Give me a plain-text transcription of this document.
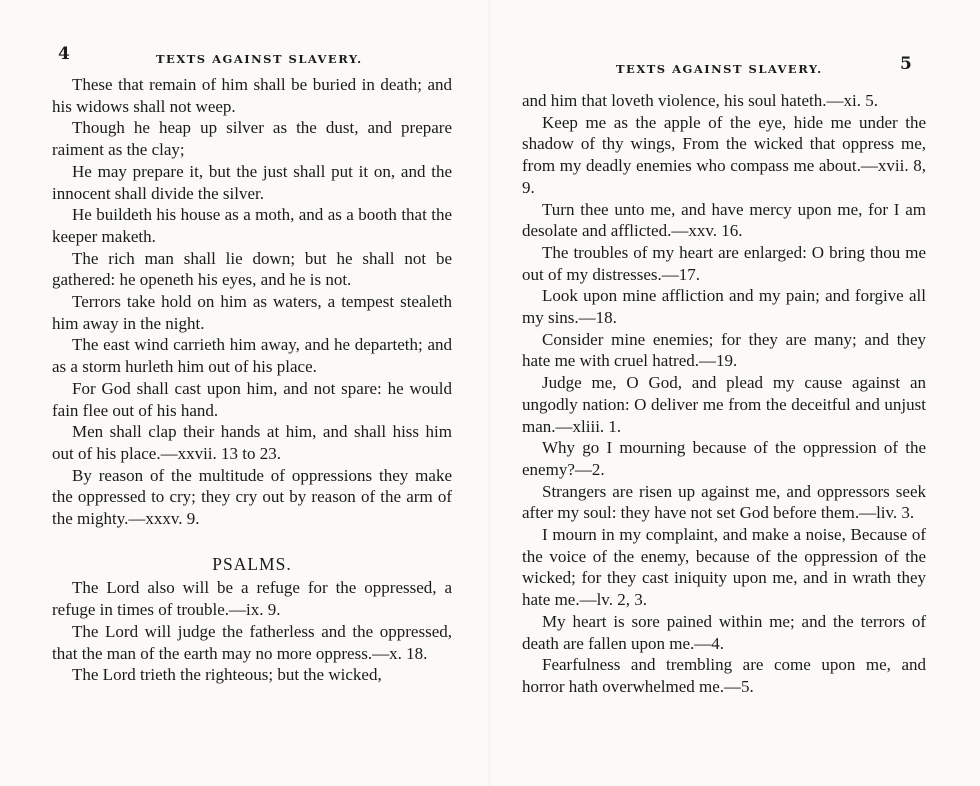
4	TEXTS AGAINST SLAVERY.

These that remain of him shall be buried in death; and his widows shall not weep.

Though he heap up silver as the dust, and prepare raiment as the clay;

He may prepare it, but the just shall put it on, and the innocent shall divide the silver.

He buildeth his house as a moth, and as a booth that the keeper maketh.

The rich man shall lie down; but he shall not be gathered: he openeth his eyes, and he is not.

Terrors take hold on him as waters, a tempest stealeth him away in the night.

The east wind carrieth him away, and he departeth; and as a storm hurleth him out of his place.

For God shall cast upon him, and not spare: he would fain flee out of his hand.

Men shall clap their hands at him, and shall hiss him out of his place.—xxvii. 13 to 23.

By reason of the multitude of oppressions they make the oppressed to cry; they cry out by reason of the arm of the mighty.—xxxv. 9.

PSALMS.

The Lord also will be a refuge for the oppressed, a refuge in times of trouble.—ix. 9.

The Lord will judge the fatherless and the oppressed, that the man of the earth may no more oppress.—x. 18.

The Lord trieth the righteous; but the wicked,

TEXTS AGAINST SLAVERY.	5

and him that loveth violence, his soul hateth.—xi. 5.

Keep me as the apple of the eye, hide me under the shadow of thy wings, From the wicked that oppress me, from my deadly enemies who compass me about.—xvii. 8, 9.

Turn thee unto me, and have mercy upon me, for I am desolate and afflicted.—xxv. 16.

The troubles of my heart are enlarged: O bring thou me out of my distresses.—17.

Look upon mine affliction and my pain; and forgive all my sins.—18.

Consider mine enemies; for they are many; and they hate me with cruel hatred.—19.

Judge me, O God, and plead my cause against an ungodly nation: O deliver me from the deceitful and unjust man.—xliii. 1.

Why go I mourning because of the oppression of the enemy?—2.

Strangers are risen up against me, and oppressors seek after my soul: they have not set God before them.—liv. 3.

I mourn in my complaint, and make a noise, Because of the voice of the enemy, because of the oppression of the wicked; for they cast iniquity upon me, and in wrath they hate me.—lv. 2, 3.

My heart is sore pained within me; and the terrors of death are fallen upon me.—4.

Fearfulness and trembling are come upon me, and horror hath overwhelmed me.—5.
